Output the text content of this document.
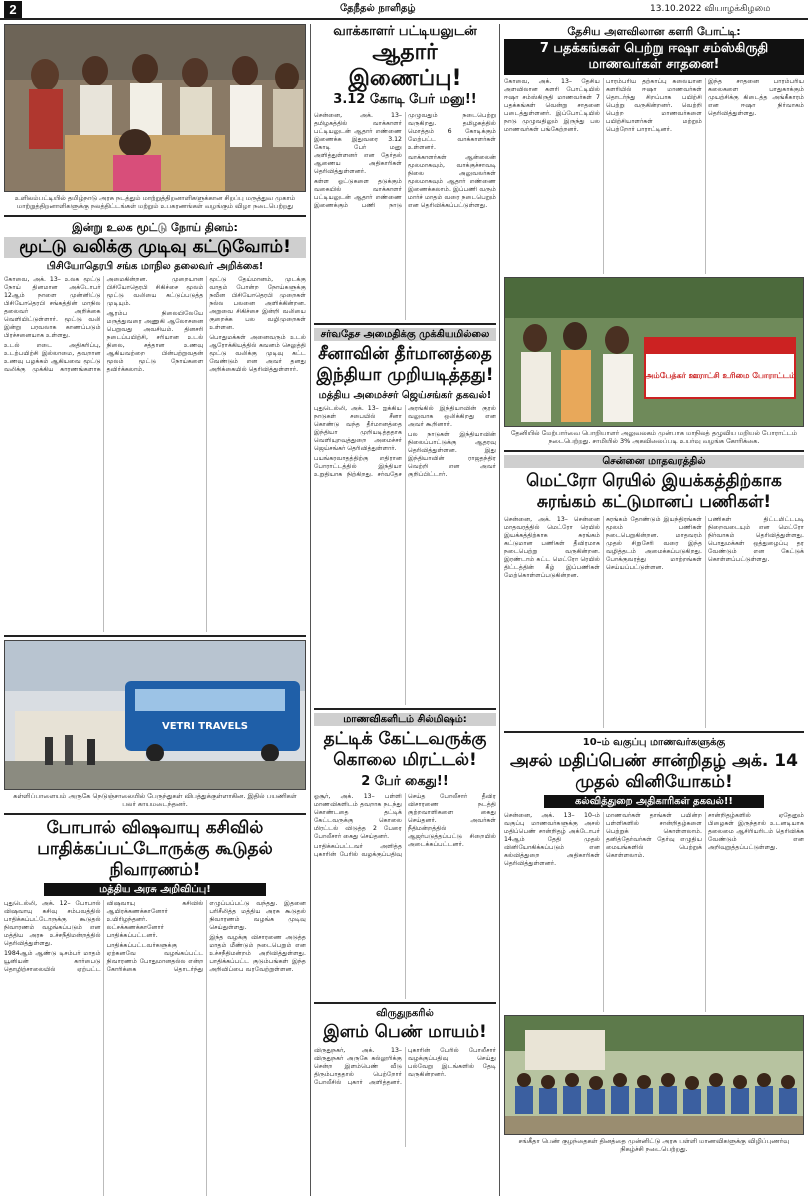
2	தேநீதல் நாளிதழ்	13.10.2022 வியாழக்கிழமை
உளிலம்பட்டியில் தமிழ்நாடு அரசு நடத்தும் மாற்றுத்திறனாளிகளுக்கான சிறப்பு மருத்துவ முகாம் மாற்றுத்திறனாளிகளுக்கு நலத்திட்டங்கள் மற்றும் உபகரணங்கள் வழங்கும் விழா நடைபெற்றது
இன்று உலக மூட்டு நோய் தினம்:
மூட்டு வலிக்கு முடிவு கட்டுவோம்!
பிசியோதெரபி சங்க மாநில தலைவர் அறிக்கை!

கோவை, அக். 13– உலக மூட்டு நோய் தினமான அக்டோபர் 12ஆம் நாளை முன்னிட்டு பிசியோதெரபி சங்கத்தின் மாநில தலைவர் அறிக்கை வெளியிட்டுள்ளார். மூட்டு வலி இன்று பரவலாக காணப்படும் பிரச்சனையாக உள்ளது.

உடல் எடை அதிகரிப்பு, உடற்பயிற்சி இல்லாமை, தவறான உணவு பழக்கம் ஆகியவை மூட்டு வலிக்கு முக்கிய காரணங்களாக அமைகின்றன. முறையான பிசியோதெரபி சிகிச்சை மூலம் மூட்டு வலியை கட்டுப்படுத்த முடியும்.

ஆரம்ப நிலையிலேயே மருத்துவரை அணுகி ஆலோசனை பெறுவது அவசியம். தினசரி நடைப்பயிற்சி, சரியான உடல் நிலை, சத்தான உணவு ஆகியவற்றை பின்பற்றுவதன் மூலம் மூட்டு நோய்களை தவிர்க்கலாம்.

மூட்டு தேய்மானம், முடக்கு வாதம் போன்ற நோய்களுக்கு நவீன பிசியோதெரபி முறைகள் நல்ல பலனை அளிக்கின்றன. அறுவை சிகிச்சை இன்றி வலியை குறைக்க பல வழிமுறைகள் உள்ளன.

பொதுமக்கள் அனைவரும் உடல் ஆரோக்கியத்தில் கவனம் செலுத்தி மூட்டு வலிக்கு முடிவு கட்ட வேண்டும் என அவர் தனது அறிக்கையில் தெரிவித்துள்ளார்.

VETRI TRAVELS
கள்ளிப்பாளையம் அருகே நெடுஞ்சாலையில் பேருந்துகள் விபத்துக்குள்ளாகின. இதில் பயணிகள் பலர் காயமடைந்தனர்.
போபால் விஷவாயு கசிவில் பாதிக்கப்பட்டோருக்கு கூடுதல் நிவாரணம்!
மத்திய அரசு அறிவிப்பு!

புதுடெல்லி, அக். 12– போபால் விஷவாயு கசிவு சம்பவத்தில் பாதிக்கப்பட்டோருக்கு கூடுதல் நிவாரணம் வழங்கப்படும் என மத்திய அரசு உச்சநீதிமன்றத்தில் தெரிவித்துள்ளது.

1984ஆம் ஆண்டு டிசம்பர் மாதம் யூனியன் கார்பைடு தொழிற்சாலையில் ஏற்பட்ட விஷவாயு கசிவில் ஆயிரக்கணக்கானோர் உயிரிழந்தனர். லட்சக்கணக்கானோர் பாதிக்கப்பட்டனர்.

பாதிக்கப்பட்டவர்களுக்கு ஏற்கனவே வழங்கப்பட்ட நிவாரணம் போதுமானதல்ல என்ற கோரிக்கை தொடர்ந்து எழுப்பப்பட்டு வந்தது. இதனை பரிசீலித்த மத்திய அரசு கூடுதல் நிவாரணம் வழங்க முடிவு செய்துள்ளது.

இந்த வழக்கு விசாரணை அடுத்த மாதம் மீண்டும் நடைபெறும் என உச்சநீதிமன்றம் அறிவித்துள்ளது. பாதிக்கப்பட்ட குடும்பங்கள் இந்த அறிவிப்பை வரவேற்றுள்ளன.

வாக்காளர் பட்டியலுடன்
ஆதார் இணைப்பு!
3.12 கோடி பேர் மனு!!

சென்னை, அக். 13– தமிழகத்தில் வாக்காளர் பட்டியலுடன் ஆதார் எண்ணை இணைக்க இதுவரை 3.12 கோடி பேர் மனு அளித்துள்ளனர் என தேர்தல் ஆணைய அதிகாரிகள் தெரிவித்துள்ளனர்.

கள்ள ஓட்டுகளை தடுக்கும் வகையில் வாக்காளர் பட்டியலுடன் ஆதார் எண்ணை இணைக்கும் பணி நாடு முழுவதும் நடைபெற்று வருகிறது. தமிழகத்தில் மொத்தம் 6 கோடிக்கும் மேற்பட்ட வாக்காளர்கள் உள்ளனர்.

வாக்காளர்கள் ஆன்லைன் மூலமாகவும், வாக்குச்சாவடி நிலை அலுவலர்கள் மூலமாகவும் ஆதார் எண்ணை இணைக்கலாம். இப்பணி வரும் மார்ச் மாதம் வரை நடைபெறும் என தெரிவிக்கப்பட்டுள்ளது.

சர்வதேச அமைதிக்கு முக்கியமில்லை
சீனாவின் தீர்மானத்தை இந்தியா முறியடித்தது!
மத்திய அமைச்சர் ஜெய்சங்கர் தகவல்!

புதுடெல்லி, அக். 13– ஐக்கிய நாடுகள் சபையில் சீனா கொண்டு வந்த தீர்மானத்தை இந்தியா முறியடித்ததாக வெளியுறவுத்துறை அமைச்சர் ஜெய்சங்கர் தெரிவித்துள்ளார்.

பயங்கரவாதத்திற்கு எதிரான போராட்டத்தில் இந்தியா உறுதியாக நிற்கிறது. சர்வதேச அரங்கில் இந்தியாவின் குரல் வலுவாக ஒலிக்கிறது என அவர் கூறினார்.

பல நாடுகள் இந்தியாவின் நிலைப்பாட்டுக்கு ஆதரவு தெரிவித்துள்ளன. இது இந்தியாவின் ராஜதந்திர வெற்றி என அவர் குறிப்பிட்டார்.

மாணவிகளிடம் சில்மிஷம்:
தட்டிக் கேட்டவருக்கு கொலை மிரட்டல்!
2 பேர் கைது!!

ஓசூர், அக். 13– பள்ளி மாணவிகளிடம் தவறாக நடந்து கொண்டதை தட்டிக் கேட்டவருக்கு கொலை மிரட்டல் விடுத்த 2 பேரை போலீசார் கைது செய்தனர்.

பாதிக்கப்பட்டவர் அளித்த புகாரின் பேரில் வழக்குப்பதிவு செய்த போலீசார் தீவிர விசாரணை நடத்தி குற்றவாளிகளை கைது செய்தனர். அவர்கள் நீதிமன்றத்தில் ஆஜர்படுத்தப்பட்டு சிறையில் அடைக்கப்பட்டனர்.

விருதுநகரில்
இளம் பெண் மாயம்!

விருதுநகர், அக். 13– விருதுநகர் அருகே கல்லூரிக்கு சென்ற இளம்பெண் வீடு திரும்பாததால் பெற்றோர் போலீசில் புகார் அளித்தனர். புகாரின் பேரில் போலீசார் வழக்குப்பதிவு செய்து பல்வேறு இடங்களில் தேடி வருகின்றனர்.

தேசிய அளவிலான களரி போட்டி:
7 பதக்கங்கள் பெற்று ஈஷா சம்ஸ்கிருதி மாணவர்கள் சாதனை!

கோவை, அக். 13– தேசிய அளவிலான களரி போட்டியில் ஈஷா சம்ஸ்கிருதி மாணவர்கள் 7 பதக்கங்கள் வென்று சாதனை படைத்துள்ளனர். இப்போட்டியில் நாடு முழுவதிலும் இருந்து பல மாணவர்கள் பங்கேற்றனர்.

பாரம்பரிய தற்காப்பு கலையான களரியில் ஈஷா மாணவர்கள் தொடர்ந்து சிறப்பாக பயிற்சி பெற்று வருகின்றனர். வெற்றி பெற்ற மாணவர்களை பயிற்சியாளர்கள் மற்றும் பெற்றோர் பாராட்டினர்.

இந்த சாதனை பாரம்பரிய கலைகளை பாதுகாக்கும் முயற்சிக்கு கிடைத்த அங்கீகாரம் என ஈஷா நிர்வாகம் தெரிவித்துள்ளது.

அம்பேத்கர் ஊராட்சி உரிமை போராட்டம்
தேனியில் மேற்பார்வை பொறியாளர் அலுவலகம் முன்பாக மாநிலத் தழுவிய மறியல் போராட்டம் நடைபெற்றது. சாமியில் 3% அகவிலைப்படி உயர்வு வழங்க கோரிக்கை.
சென்னை மாதவரத்தில்
மெட்ரோ ரெயில் இயக்கத்திற்காக சுரங்கம் கட்டுமானப் பணிகள்!

சென்னை, அக். 13– சென்னை மாதவரத்தில் மெட்ரோ ரெயில் இயக்கத்திற்காக சுரங்கம் கட்டுமான பணிகள் தீவிரமாக நடைபெற்று வருகின்றன. இரண்டாம் கட்ட மெட்ரோ ரெயில் திட்டத்தின் கீழ் இப்பணிகள் மேற்கொள்ளப்படுகின்றன.

சுரங்கம் தோண்டும் இயந்திரங்கள் மூலம் பணிகள் நடைபெறுகின்றன. மாதவரம் முதல் சிறுசேரி வரை இந்த வழித்தடம் அமைக்கப்படுகிறது. போக்குவரத்து மாற்றங்கள் செய்யப்பட்டுள்ளன.

பணிகள் திட்டமிட்டபடி நிறைவடையும் என மெட்ரோ நிர்வாகம் தெரிவித்துள்ளது. பொதுமக்கள் ஒத்துழைப்பு தர வேண்டும் என கேட்டுக் கொள்ளப்பட்டுள்ளது.

10–ம் வகுப்பு மாணவர்களுக்கு
அசல் மதிப்பெண் சான்றிதழ் அக். 14 முதல் வினியோகம்!
கல்வித்துறை அதிகாரிகள் தகவல்!!

சென்னை, அக். 13– 10–ம் வகுப்பு மாணவர்களுக்கு அசல் மதிப்பெண் சான்றிதழ் அக்டோபர் 14ஆம் தேதி முதல் வினியோகிக்கப்படும் என கல்வித்துறை அதிகாரிகள் தெரிவித்துள்ளனர்.

மாணவர்கள் தாங்கள் பயின்ற பள்ளிகளில் சான்றிதழ்களை பெற்றுக் கொள்ளலாம். தனித்தேர்வர்கள் தேர்வு எழுதிய மையங்களில் பெற்றுக் கொள்ளலாம்.

சான்றிதழ்களில் ஏதேனும் பிழைகள் இருந்தால் உடனடியாக தலைமை ஆசிரியரிடம் தெரிவிக்க வேண்டும் என அறிவுறுத்தப்பட்டுள்ளது.

சங்கீதா பெண் குழந்தைகள் தினத்தை முன்னிட்டு அரசு பள்ளி மாணவிகளுக்கு விழிப்புணர்வு நிகழ்ச்சி நடைபெற்றது.
